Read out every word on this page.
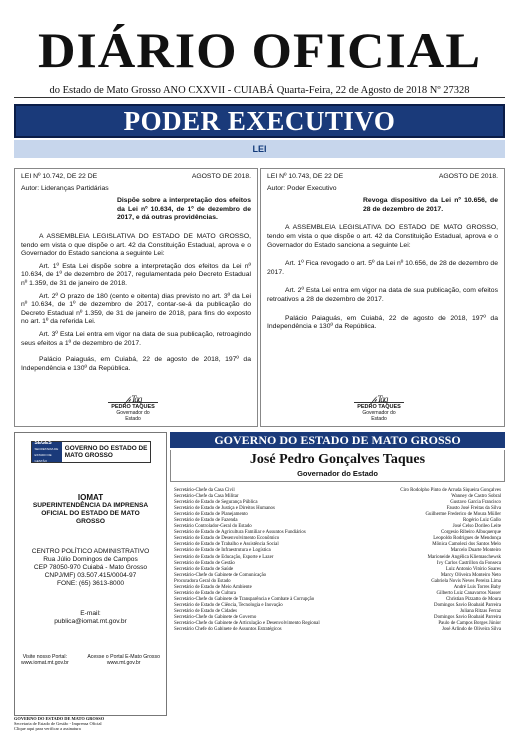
DIÁRIO OFICIAL
do Estado de Mato Grosso ANO CXXVII - CUIABÁ Quarta-Feira, 22 de Agosto de 2018 Nº 27328
PODER EXECUTIVO
LEI
LEI Nº 10.742, DE 22 DE	AGOSTO DE 2018.

Autor: Lideranças Partidárias

Dispõe sobre a interpretação dos efeitos da Lei nº 10.634, de 1º de dezembro de 2017, e dá outras providências.

A ASSEMBLEIA LEGISLATIVA DO ESTADO DE MATO GROSSO, tendo em vista o que dispõe o art. 42 da Constituição Estadual, aprova e o Governador do Estado sanciona a seguinte Lei:

Art. 1º Esta Lei dispõe sobre a interpretação dos efeitos da Lei nº 10.634, de 1º de dezembro de 2017, regulamentada pelo Decreto Estadual nº 1.359, de 31 de janeiro de 2018.

Art. 2º O prazo de 180 (cento e oitenta) dias previsto no art. 3º da Lei nº 10.634, de 1º de dezembro de 2017, contar-se-á da publicação do Decreto Estadual nº 1.359, de 31 de janeiro de 2018, para fins do exposto no art. 1º da referida Lei.

Art. 3º Esta Lei entra em vigor na data de sua publicação, retroagindo seus efeitos a 1º de dezembro de 2017.

Palácio Paiaguás, em Cuiabá, 22 de agosto de 2018, 197º da Independência e 130º da República.

𝓅 Taq
PEDRO TAQUES
Governador do Estado
LEI Nº 10.743, DE 22 DE	AGOSTO DE 2018.

Autor: Poder Executivo

Revoga dispositivo da Lei nº 10.656, de 28 de dezembro de 2017.

A ASSEMBLEIA LEGISLATIVA DO ESTADO DE MATO GROSSO, tendo em vista o que dispõe o art. 42 da Constituição Estadual, aprova e o Governador do Estado sanciona a seguinte Lei:

Art. 1º Fica revogado o art. 5º da Lei nº 10.656, de 28 de dezembro de 2017.

Art. 2º Esta Lei entra em vigor na data de sua publicação, com efeitos retroativos a 28 de dezembro de 2017.

Palácio Paiaguás, em Cuiabá, 22 de agosto de 2018, 197º da Independência e 130º da República.

𝓅 Taq
PEDRO TAQUES
Governador do Estado
SEGES
SECRETARIA DE ESTADO DE GESTÃO
GOVERNO DO ESTADO DE MATO GROSSO
IOMAT
SUPERINTENDÊNCIA DA IMPRENSA OFICIAL DO ESTADO DE MATO GROSSO
CENTRO POLÍTICO ADMINISTRATIVO
Rua Júlio Domingos de Campos
CEP 78050-970 Cuiabá - Mato Grosso
CNPJ/MF) 03.507.415/0004-97
FONE: (65) 3613-8000
E-mail:
publica@iomat.mt.gov.br
Visite nosso Portal:
www.iomat.mt.gov.br
Acesse o Portal E-Mato Grosso
www.mt.gov.br
GOVERNO DO ESTADO DE MATO GROSSO
José Pedro Gonçalves Taques
Governador do Estado
Secretário-Chefe da Casa Civil	Ciro Rodolpho Pinto de Arruda Siqueira Gonçalves
Secretário-Chefe da Casa Militar	Wanney de Castro Sobral
Secretário de Estado de Segurança Pública	Gustavo Garcia Francisco
Secretário de Estado de Justiça e Direitos Humanos	Fausto José Freitas da Silva
Secretário de Estado de Planejamento	Guilherme Frederico de Moura Müller
Secretário de Estado de Fazenda	Rogério Luiz Gallo
Secretário Controlador-Geral do Estado	José Celso Dorileo Leite
Secretário de Estado de Agricultura Familiar e Assuntos Fundiários	Corgesio Ribeiro Albuquerque
Secretário de Estado de Desenvolvimento Econômico	Leopoldo Rodrigues de Mendonça
Secretário de Estado de Trabalho e Assistência Social	Mônica Camolezi dos Santos Melo
Secretário de Estado de Infraestrutura e Logística	Marcelo Duarte Monteiro
Secretário de Estado de Educação, Esporte e Lazer	Marioneide Angélica Kliemaschewsk
Secretário de Estado de Gestão	Ivy Carlos Castrillon da Fonseca
Secretário de Estado de Saúde	Luiz Antonio Vitório Soares
Secretário-Chefe do Gabinete de Comunicação	Marcy Oliveira Monteiro Neto
Procuradora Geral do Estado	Gabriela Novis Neves Pereira Lima
Secretário de Estado de Meio Ambiente	André Luis Torres Baby
Secretário de Estado de Cultura	Gilberto Luiz Canavarros Nasser
Secretário-Chefe do Gabinete de Transparência e Combate à Corrupção	Christian Pizzatto de Moura
Secretário de Estado de Ciência, Tecnologia e Inovação	Domingos Savio Boabaid Parreira
Secretário de Estado de Cidades	Juliana Ritzas Ferraz
Secretário-Chefe do Gabinete de Governo	Domingos Savio Boabaid Parreira
Secretário-Chefe do Gabinete de Articulação e Desenvolvimento Regional	Paulo de Campos Borges Júnior
Secretário Chefe do Gabinete de Assuntos Estratégicos	José Arlindo de Oliveira Silva
GOVERNO DO ESTADO DE MATO GROSSO
Secretaria de Estado de Gestão - Imprensa Oficial
Clique aqui para verificar a assinatura
